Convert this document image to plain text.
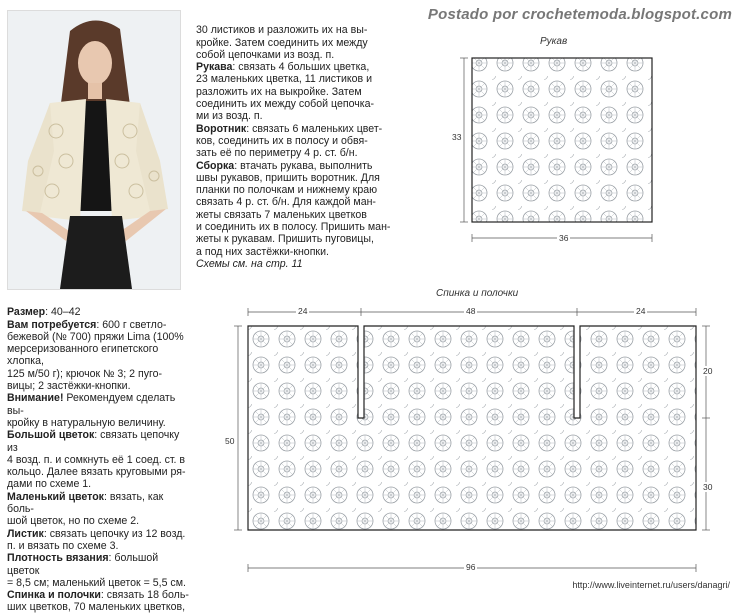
30 листиков и разложить их на вы-
кройке. Затем соединить их между
собой цепочками из возд. п.
Рукава: связать 4 больших цветка,
23 маленьких цветка, 11 листиков и
разложить их на выкройке. Затем
соединить их между собой цепочка-
ми из возд. п.
Воротник: связать 6 маленьких цвет-
ков, соединить их в полосу и обвя-
зать её по периметру 4 р. ст. б/н.
Сборка: втачать рукава, выполнить
швы рукавов, пришить воротник. Для
планки по полочкам и нижнему краю
связать 4 р. ст. б/н. Для каждой ман-
жеты связать 7 маленьких цветков
и соединить их в полосу. Пришить ман-
жеты к рукавам. Пришить пуговицы,
а под них застёжки-кнопки.
Схемы см. на стр. 11

Размер: 40–42
Вам потребуется: 600 г светло-
бежевой (№ 700) пряжи Lima (100%
мерсеризованного египетского хлопка,
125 м/50 г); крючок № 3; 2 пуго-
вицы; 2 застёжки-кнопки.
Внимание! Рекомендуем сделать вы-
кройку в натуральную величину.
Большой цветок: связать цепочку из
4 возд. п. и сомкнуть её 1 соед. ст. в
кольцо. Далее вязать круговыми ря-
дами по схеме 1.
Маленький цветок: вязать, как боль-
шой цветок, но по схеме 2.
Листик: связать цепочку из 12 возд.
п. и вязать по схеме 3.
Плотность вязания: большой цветок
= 8,5 см; маленький цветок = 5,5 см.
Спинка и полочки: связать 18 боль-
ших цветков, 70 маленьких цветков,

Postado por crochetemoda.blogspot.com
Рукав
33
36
Спинка и полочки
24	48	24
50
20
30
96
http://www.liveinternet.ru/users/danagri/
